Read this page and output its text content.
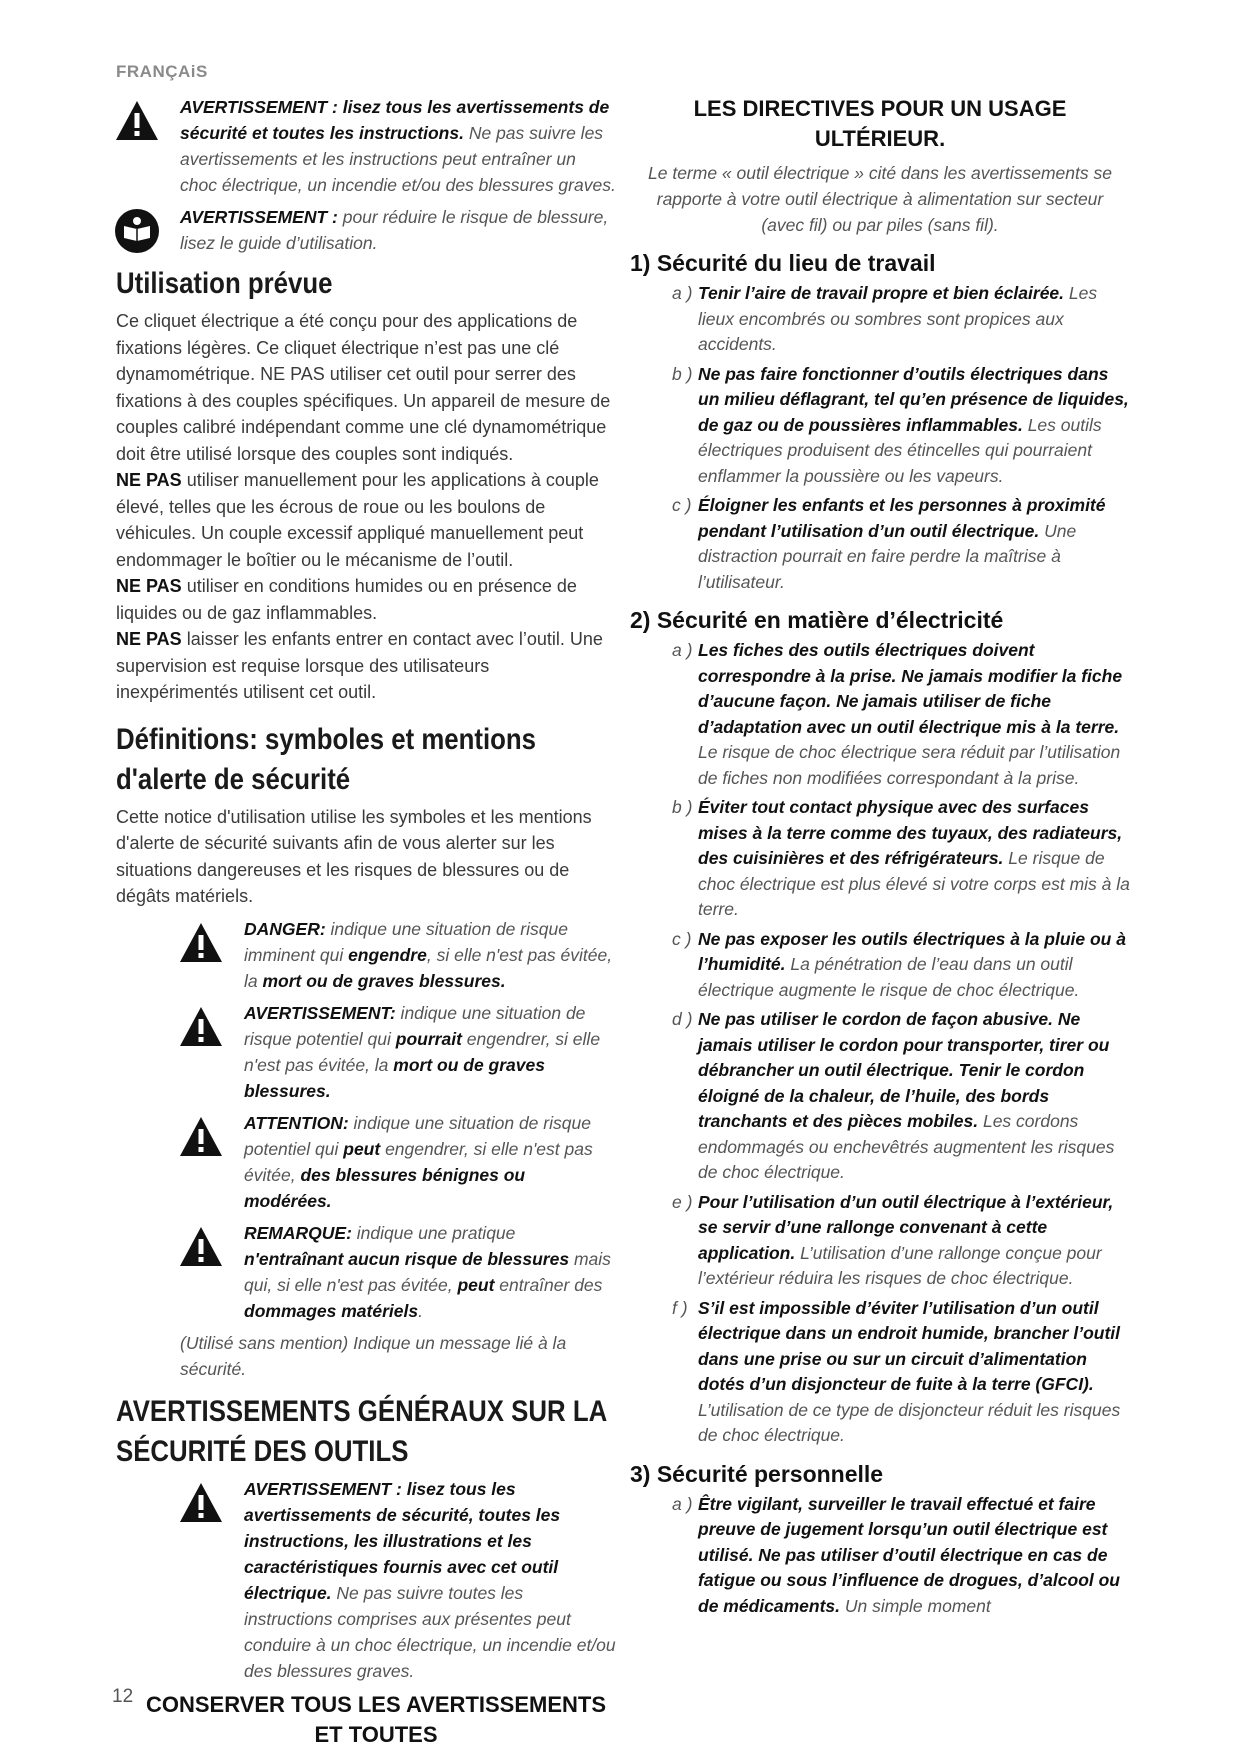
FRANÇAiS
AVERTISSEMENT : lisez tous les avertissements de sécurité et toutes les instructions. Ne pas suivre les avertissements et les instructions peut entraîner un choc électrique, un incendie et/ou des blessures graves.
AVERTISSEMENT : pour réduire le risque de blessure, lisez le guide d’utilisation.
Utilisation prévue

Ce cliquet électrique a été conçu pour des applications de fixations légères. Ce cliquet électrique n’est pas une clé dynamométrique. NE PAS utiliser cet outil pour serrer des fixations à des couples spécifiques. Un appareil de mesure de couples calibré indépendant comme une clé dynamométrique doit être utilisé lorsque des couples sont indiqués.

NE PAS utiliser manuellement pour les applications à couple élevé, telles que les écrous de roue ou les boulons de véhicules. Un couple excessif appliqué manuellement peut endommager le boîtier ou le mécanisme de l’outil.

NE PAS utiliser en conditions humides ou en présence de liquides ou de gaz inflammables.

NE PAS laisser les enfants entrer en contact avec l’outil. Une supervision est requise lorsque des utilisateurs inexpérimentés utilisent cet outil.

Définitions: symboles et mentions d'alerte de sécurité

Cette notice d'utilisation utilise les symboles et les mentions d'alerte de sécurité suivants afin de vous alerter sur les situations dangereuses et les risques de blessures ou de dégâts matériels.

DANGER: indique une situation de risque imminent qui engendre, si elle n'est pas évitée, la mort ou de graves blessures.
AVERTISSEMENT: indique une situation de risque potentiel qui pourrait engendrer, si elle n'est pas évitée, la mort ou de graves blessures.
ATTENTION: indique une situation de risque potentiel qui peut engendrer, si elle n'est pas évitée, des blessures bénignes ou modérées.
REMARQUE: indique une pratique n'entraînant aucun risque de blessures mais qui, si elle n'est pas évitée, peut entraîner des dommages matériels.
(Utilisé sans mention) Indique un message lié à la sécurité.
AVERTISSEMENTS GÉNÉRAUX SUR LA SÉCURITÉ DES OUTILS
AVERTISSEMENT : lisez tous les avertissements de sécurité, toutes les instructions, les illustrations et les caractéristiques fournis avec cet outil électrique. Ne pas suivre toutes les instructions comprises aux présentes peut conduire à un choc électrique, un incendie et/ou des blessures graves.
CONSERVER TOUS LES AVERTISSEMENTS ET TOUTES
LES DIRECTIVES POUR UN USAGE ULTÉRIEUR.
Le terme « outil électrique » cité dans les avertissements se rapporte à votre outil électrique à alimentation sur secteur (avec fil) ou par piles (sans fil).
1) Sécurité du lieu de travail
a ) Tenir l’aire de travail propre et bien éclairée. Les lieux encombrés ou sombres sont propices aux accidents.
b ) Ne pas faire fonctionner d’outils électriques dans un milieu déflagrant, tel qu’en présence de liquides, de gaz ou de poussières inflammables. Les outils électriques produisent des étincelles qui pourraient enflammer la poussière ou les vapeurs.
c ) Éloigner les enfants et les personnes à proximité pendant l’utilisation d’un outil électrique. Une distraction pourrait en faire perdre la maîtrise à l’utilisateur.
2) Sécurité en matière d’électricité
a ) Les fiches des outils électriques doivent correspondre à la prise. Ne jamais modifier la fiche d’aucune façon. Ne jamais utiliser de fiche d’adaptation avec un outil électrique mis à la terre. Le risque de choc électrique sera réduit par l’utilisation de fiches non modifiées correspondant à la prise.
b ) Éviter tout contact physique avec des surfaces mises à la terre comme des tuyaux, des radiateurs, des cuisinières et des réfrigérateurs. Le risque de choc électrique est plus élevé si votre corps est mis à la terre.
c ) Ne pas exposer les outils électriques à la pluie ou à l’humidité. La pénétration de l’eau dans un outil électrique augmente le risque de choc électrique.
d ) Ne pas utiliser le cordon de façon abusive. Ne jamais utiliser le cordon pour transporter, tirer ou débrancher un outil électrique. Tenir le cordon éloigné de la chaleur, de l’huile, des bords tranchants et des pièces mobiles. Les cordons endommagés ou enchevêtrés augmentent les risques de choc électrique.
e ) Pour l’utilisation d’un outil électrique à l’extérieur, se servir d’une rallonge convenant à cette application. L’utilisation d’une rallonge conçue pour l’extérieur réduira les risques de choc électrique.
f ) S’il est impossible d’éviter l’utilisation d’un outil électrique dans un endroit humide, brancher l’outil dans une prise ou sur un circuit d’alimentation dotés d’un disjoncteur de fuite à la terre (GFCI). L’utilisation de ce type de disjoncteur réduit les risques de choc électrique.
3) Sécurité personnelle
a ) Être vigilant, surveiller le travail effectué et faire preuve de jugement lorsqu’un outil électrique est utilisé. Ne pas utiliser d’outil électrique en cas de fatigue ou sous l’influence de drogues, d’alcool ou de médicaments. Un simple moment
12
